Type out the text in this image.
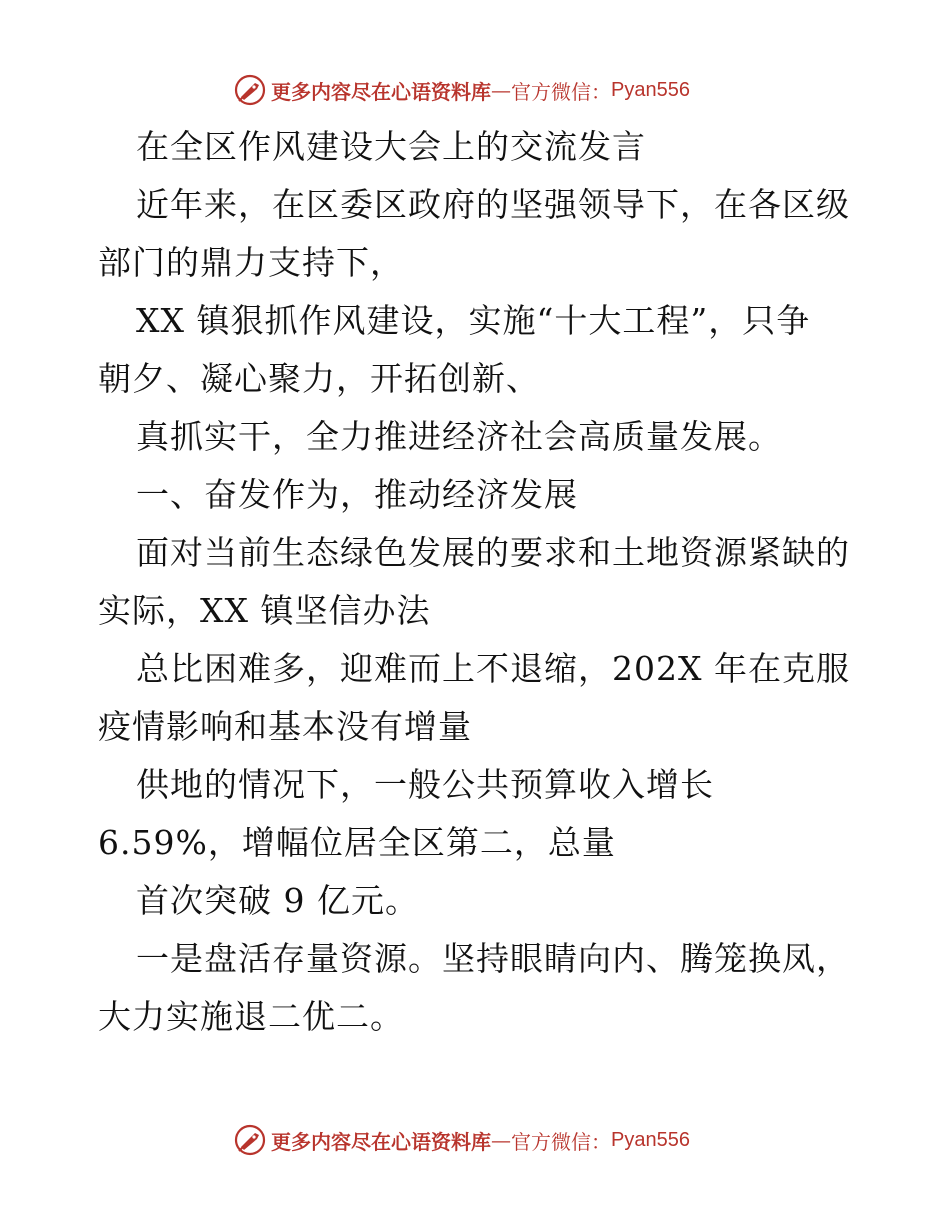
更多内容尽在心语资料库 — 官方微信： Pyan556
在全区作风建设大会上的交流发言
近年来，在区委区政府的坚强领导下，在各区级
部门的鼎力支持下，
XX 镇狠抓作风建设，实施“十大工程”，只争
朝夕、凝心聚力，开拓创新、
真抓实干，全力推进经济社会高质量发展。
一、奋发作为，推动经济发展
面对当前生态绿色发展的要求和土地资源紧缺的
实际，XX 镇坚信办法
总比困难多，迎难而上不退缩，202X 年在克服
疫情影响和基本没有增量
供地的情况下，一般公共预算收入增长
6.59%，增幅位居全区第二，总量
首次突破 9 亿元。
一是盘活存量资源。坚持眼睛向内、腾笼换凤，
大力实施退二优二。
更多内容尽在心语资料库 — 官方微信： Pyan556
